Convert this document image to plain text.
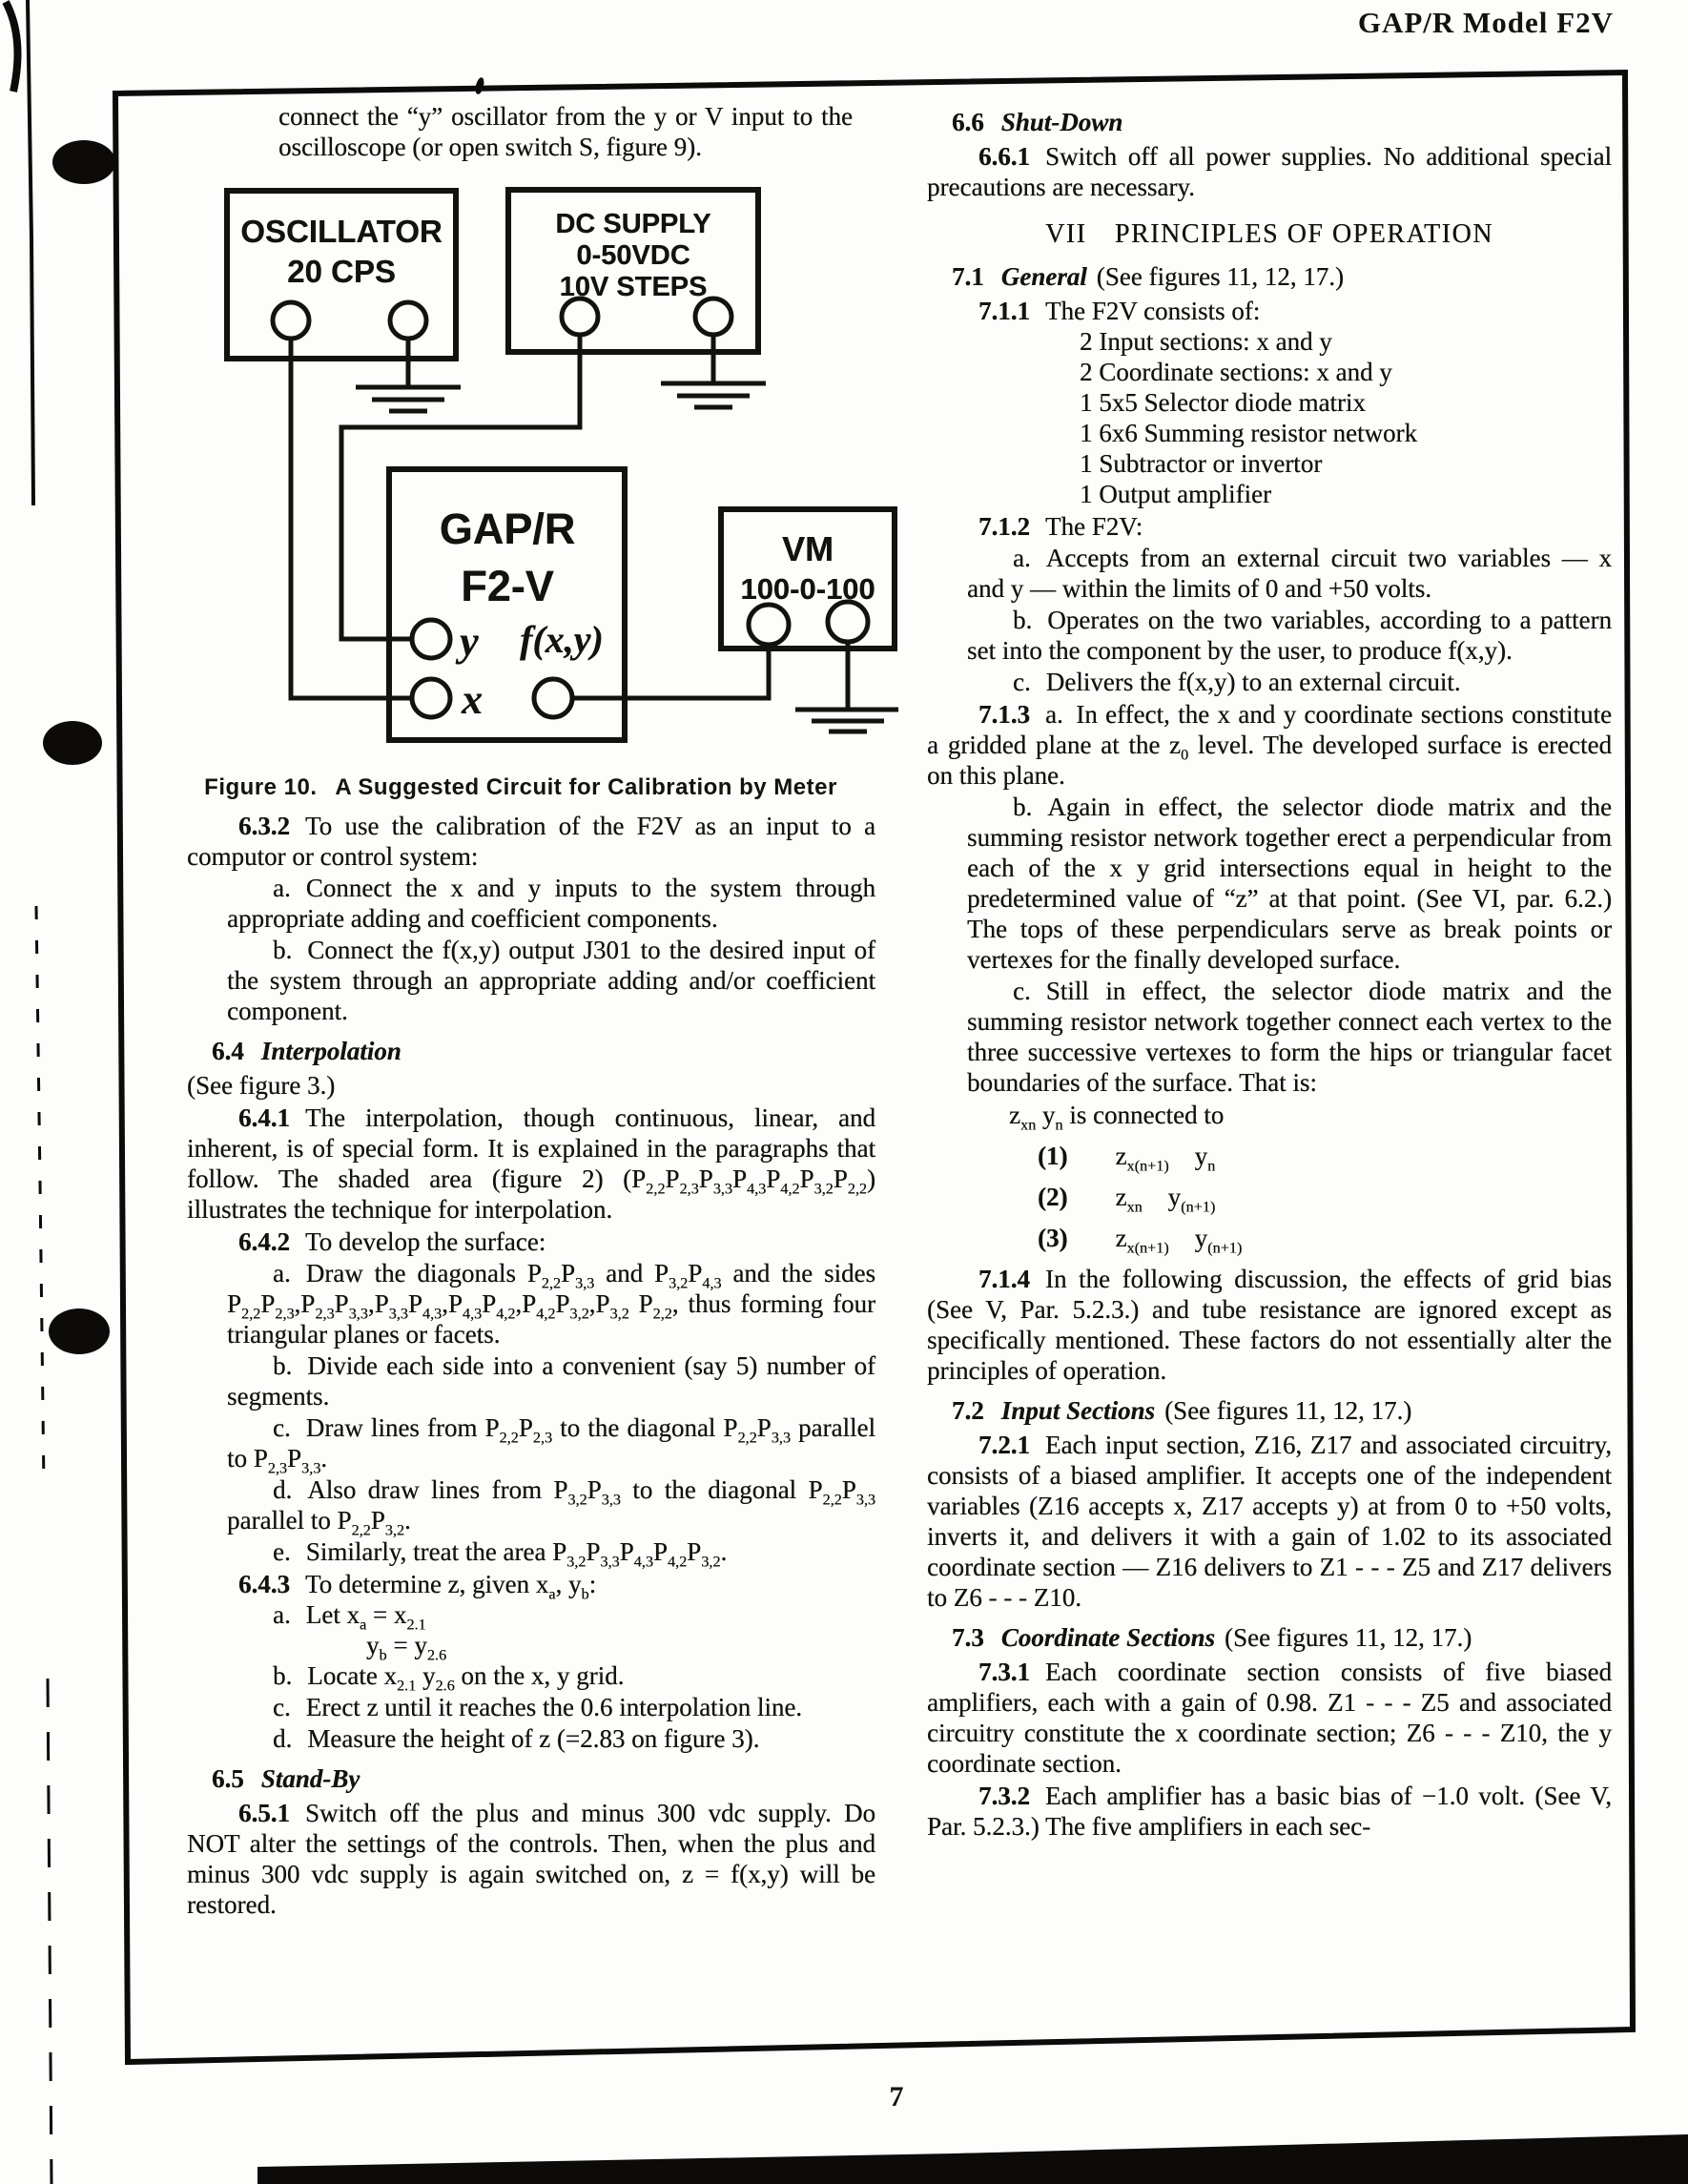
GAP/R Model F2V

connect the “y” oscillator from the y or V input to the oscilloscope (or open switch S, figure 9).

OSCILLATOR
20 CPS
DC SUPPLY
0-50VDC
10V STEPS
GAP/R
F2-V
y f(x,y)
x
VM
100-0-100
Figure 10.  A Suggested Circuit for Calibration by Meter

6.3.2 To use the calibration of the F2V as an input to a computor or control system:

a. Connect the x and y inputs to the system through appropriate adding and coefficient components.

b. Connect the f(x,y) output J301 to the desired input of the system through an appropriate adding and/or coefficient component.

6.4 Interpolation

(See figure 3.)

6.4.1 The interpolation, though continuous, linear, and inherent, is of special form. It is explained in the paragraphs that follow. The shaded area (figure 2) $(P_{2,2}P_{2,3}P_{3,3}P_{4,3}P_{4,2}P_{3,2}P_{2,2})$ illustrates the technique for interpolation.

6.4.2 To develop the surface:

a. Draw the diagonals $P_{2,2}P_{3,3}$ and $P_{3,2}P_{4,3}$ and the sides $P_{2,2}P_{2,3},P_{2,3}P_{3,3},P_{3,3}P_{4,3},P_{4,3}P_{4,2},P_{4,2}P_{3,2},P_{3,2}$ $P_{2,2}$, thus forming four triangular planes or facets.

b. Divide each side into a convenient (say 5) number of segments.

c. Draw lines from $P_{2,2}P_{2,3}$ to the diagonal $P_{2,2}P_{3,3}$ parallel to $P_{2,3}P_{3,3}$.

d. Also draw lines from $P_{3,2}P_{3,3}$ to the diagonal $P_{2,2}P_{3,3}$ parallel to $P_{2,2}P_{3,2}$.

e. Similarly, treat the area $P_{3,2}P_{3,3}P_{4,3}P_{4,2}P_{3,2}$.

6.4.3 To determine z, given $x_a$, $y_b$:

a. Let $x_a = x_{2.1}$

$y_b = y_{2.6}$

b. Locate $x_{2.1}$ $y_{2.6}$ on the x, y grid.

c. Erect z until it reaches the 0.6 interpolation line.

d. Measure the height of z (=2.83 on figure 3).

6.5 Stand-By

6.5.1 Switch off the plus and minus 300 vdc supply. Do NOT alter the settings of the controls. Then, when the plus and minus 300 vdc supply is again switched on, z = f(x,y) will be restored.

6.6 Shut-Down

6.6.1 Switch off all power supplies. No additional special precautions are necessary.

VII PRINCIPLES OF OPERATION

7.1 General (See figures 11, 12, 17.)

7.1.1 The F2V consists of:

2 Input sections: x and y

2 Coordinate sections: x and y

1 5x5 Selector diode matrix

1 6x6 Summing resistor network

1 Subtractor or invertor

1 Output amplifier

7.1.2 The F2V:

a. Accepts from an external circuit two variables — x and y — within the limits of 0 and +50 volts.

b. Operates on the two variables, according to a pattern set into the component by the user, to produce f(x,y).

c. Delivers the f(x,y) to an external circuit.

7.1.3 a. In effect, the x and y coordinate sections constitute a gridded plane at the $z_0$ level. The developed surface is erected on this plane.

b. Again in effect, the selector diode matrix and the summing resistor network together erect a perpendicular from each of the x y grid intersections equal in height to the predetermined value of “z” at that point. (See VI, par. 6.2.) The tops of these perpendiculars serve as break points or vertexes for the finally developed surface.

c. Still in effect, the selector diode matrix and the summing resistor network together connect each vertex to the three successive vertexes to form the hips or triangular facet boundaries of the surface. That is:

$z_{xn}$ $y_n$ is connected to

(1) $z_{x(n+1)}$ $y_n$

(2) $z_{xn}$ $y_{(n+1)}$

(3) $z_{x(n+1)}$ $y_{(n+1)}$

7.1.4 In the following discussion, the effects of grid bias (See V, Par. 5.2.3.) and tube resistance are ignored except as specifically mentioned. These factors do not essentially alter the principles of operation.

7.2 Input Sections (See figures 11, 12, 17.)

7.2.1 Each input section, Z16, Z17 and associated circuitry, consists of a biased amplifier. It accepts one of the independent variables (Z16 accepts x, Z17 accepts y) at from 0 to +50 volts, inverts it, and delivers it with a gain of 1.02 to its associated coordinate section — Z16 delivers to Z1 - - - Z5 and Z17 delivers to Z6 - - - Z10.

7.3 Coordinate Sections (See figures 11, 12, 17.)

7.3.1 Each coordinate section consists of five biased amplifiers, each with a gain of 0.98. Z1 - - - Z5 and associated circuitry constitute the x coordinate section; Z6 - - - Z10, the y coordinate section.

7.3.2 Each amplifier has a basic bias of −1.0 volt. (See V, Par. 5.2.3.) The five amplifiers in each sec-

7
